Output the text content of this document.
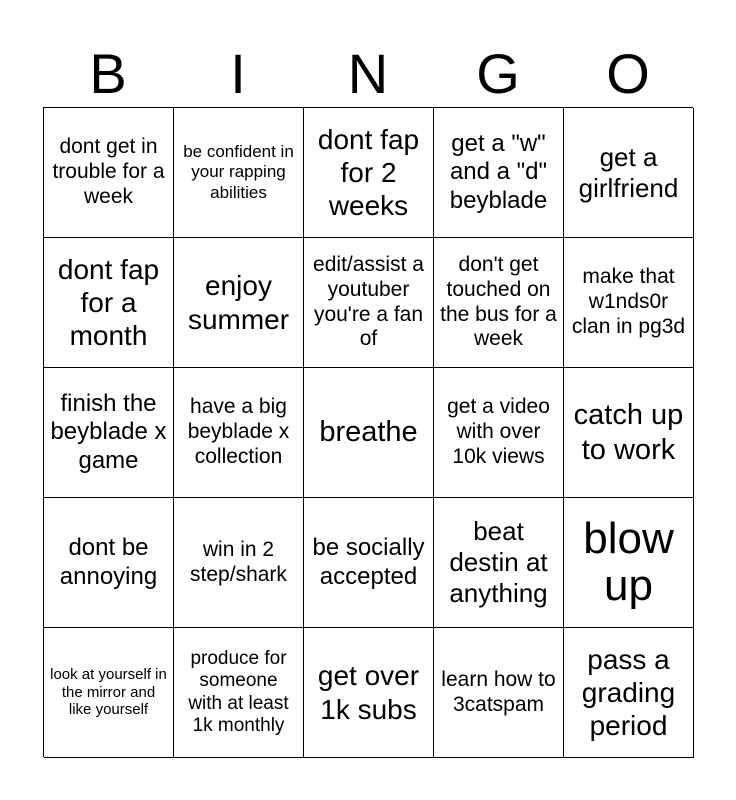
B	I	N	G	O
dont get in trouble for a week
be confident in your rapping abilities
dont fap for 2 weeks
get a "w" and a "d" beyblade
get a girlfriend
dont fap for a month
enjoy summer
edit/assist a youtuber you're a fan of
don't get touched on the bus for a week
make that w1nds0r clan in pg3d
finish the beyblade x game
have a big beyblade x collection
breathe
get a video with over 10k views
catch up to work
dont be annoying
win in 2 step/shark
be socially accepted
beat destin at anything
blow up
look at yourself in the mirror and like yourself
produce for someone with at least 1k monthly
get over 1k subs
learn how to 3catspam
pass a grading period
